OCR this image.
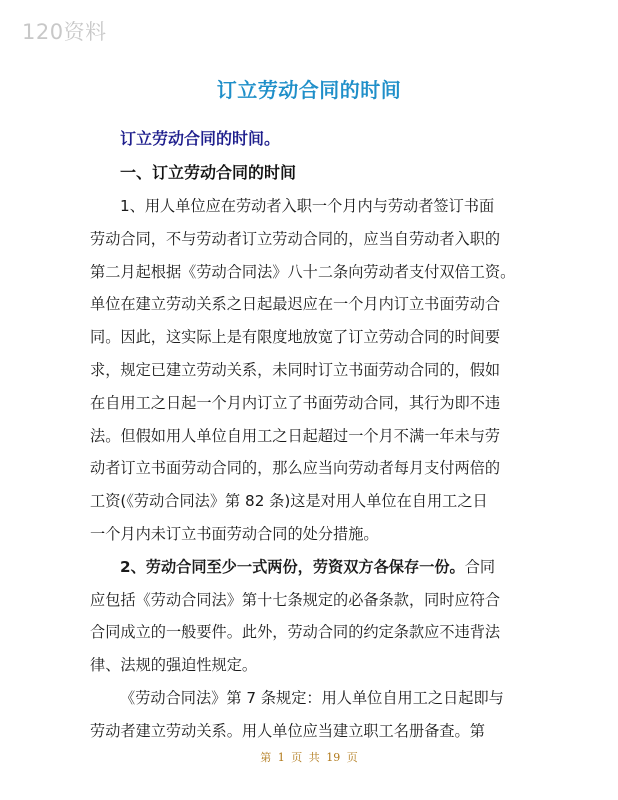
120资料
订立劳动合同的时间
订立劳动合同的时间。
一、订立劳动合同的时间
1、用人单位应在劳动者入职一个月内与劳动者签订书面
劳动合同，不与劳动者订立劳动合同的，应当自劳动者入职的
第二月起根据《劳动合同法》八十二条向劳动者支付双倍工资。
单位在建立劳动关系之日起最迟应在一个月内订立书面劳动合
同。因此，这实际上是有限度地放宽了订立劳动合同的时间要
求，规定已建立劳动关系，未同时订立书面劳动合同的，假如
在自用工之日起一个月内订立了书面劳动合同，其行为即不违
法。但假如用人单位自用工之日起超过一个月不满一年未与劳
动者订立书面劳动合同的，那么应当向劳动者每月支付两倍的
工资(《劳动合同法》第 82 条)这是对用人单位在自用工之日
一个月内未订立书面劳动合同的处分措施。
2、劳动合同至少一式两份，劳资双方各保存一份。合同
应包括《劳动合同法》第十七条规定的必备条款，同时应符合
合同成立的一般要件。此外，劳动合同的约定条款应不违背法
律、法规的强迫性规定。
《劳动合同法》第 7 条规定：用人单位自用工之日起即与
劳动者建立劳动关系。用人单位应当建立职工名册备查。第
第 1 页 共 19 页
